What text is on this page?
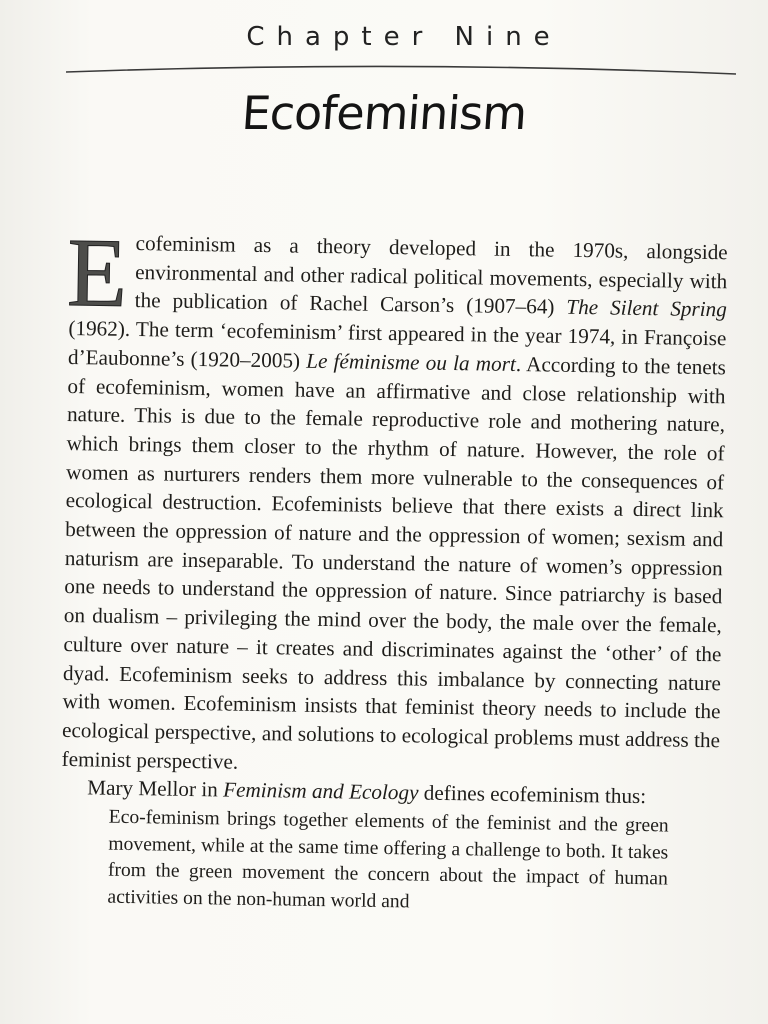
Chapter Nine
Ecofeminism

E cofeminism as a theory developed in the 1970s, alongside environmental and other radical political movements, especially with the publication of Rachel Carson’s (1907–64) The Silent Spring (1962). The term ‘ecofeminism’ first appeared in the year 1974, in Françoise d’Eaubonne’s (1920–2005) Le féminisme ou la mort. According to the tenets of ecofeminism, women have an affirmative and close relationship with nature. This is due to the female reproductive role and mothering nature, which brings them closer to the rhythm of nature. However, the role of women as nurturers renders them more vulnerable to the consequences of ecological destruction. Ecofeminists believe that there exists a direct link between the oppression of nature and the oppression of women; sexism and naturism are inseparable. To understand the nature of women’s oppression one needs to understand the oppression of nature. Since patriarchy is based on dualism – privileging the mind over the body, the male over the female, culture over nature – it creates and discriminates against the ‘other’ of the dyad. Ecofeminism seeks to address this imbalance by connecting nature with women. Ecofeminism insists that feminist theory needs to include the ecological perspective, and solutions to ecological problems must address the feminist perspective.

Mary Mellor in Feminism and Ecology defines ecofeminism thus:

Eco-feminism brings together elements of the feminist and the green movement, while at the same time offering a challenge to both. It takes from the green movement the concern about the impact of human activities on the non-human world and
